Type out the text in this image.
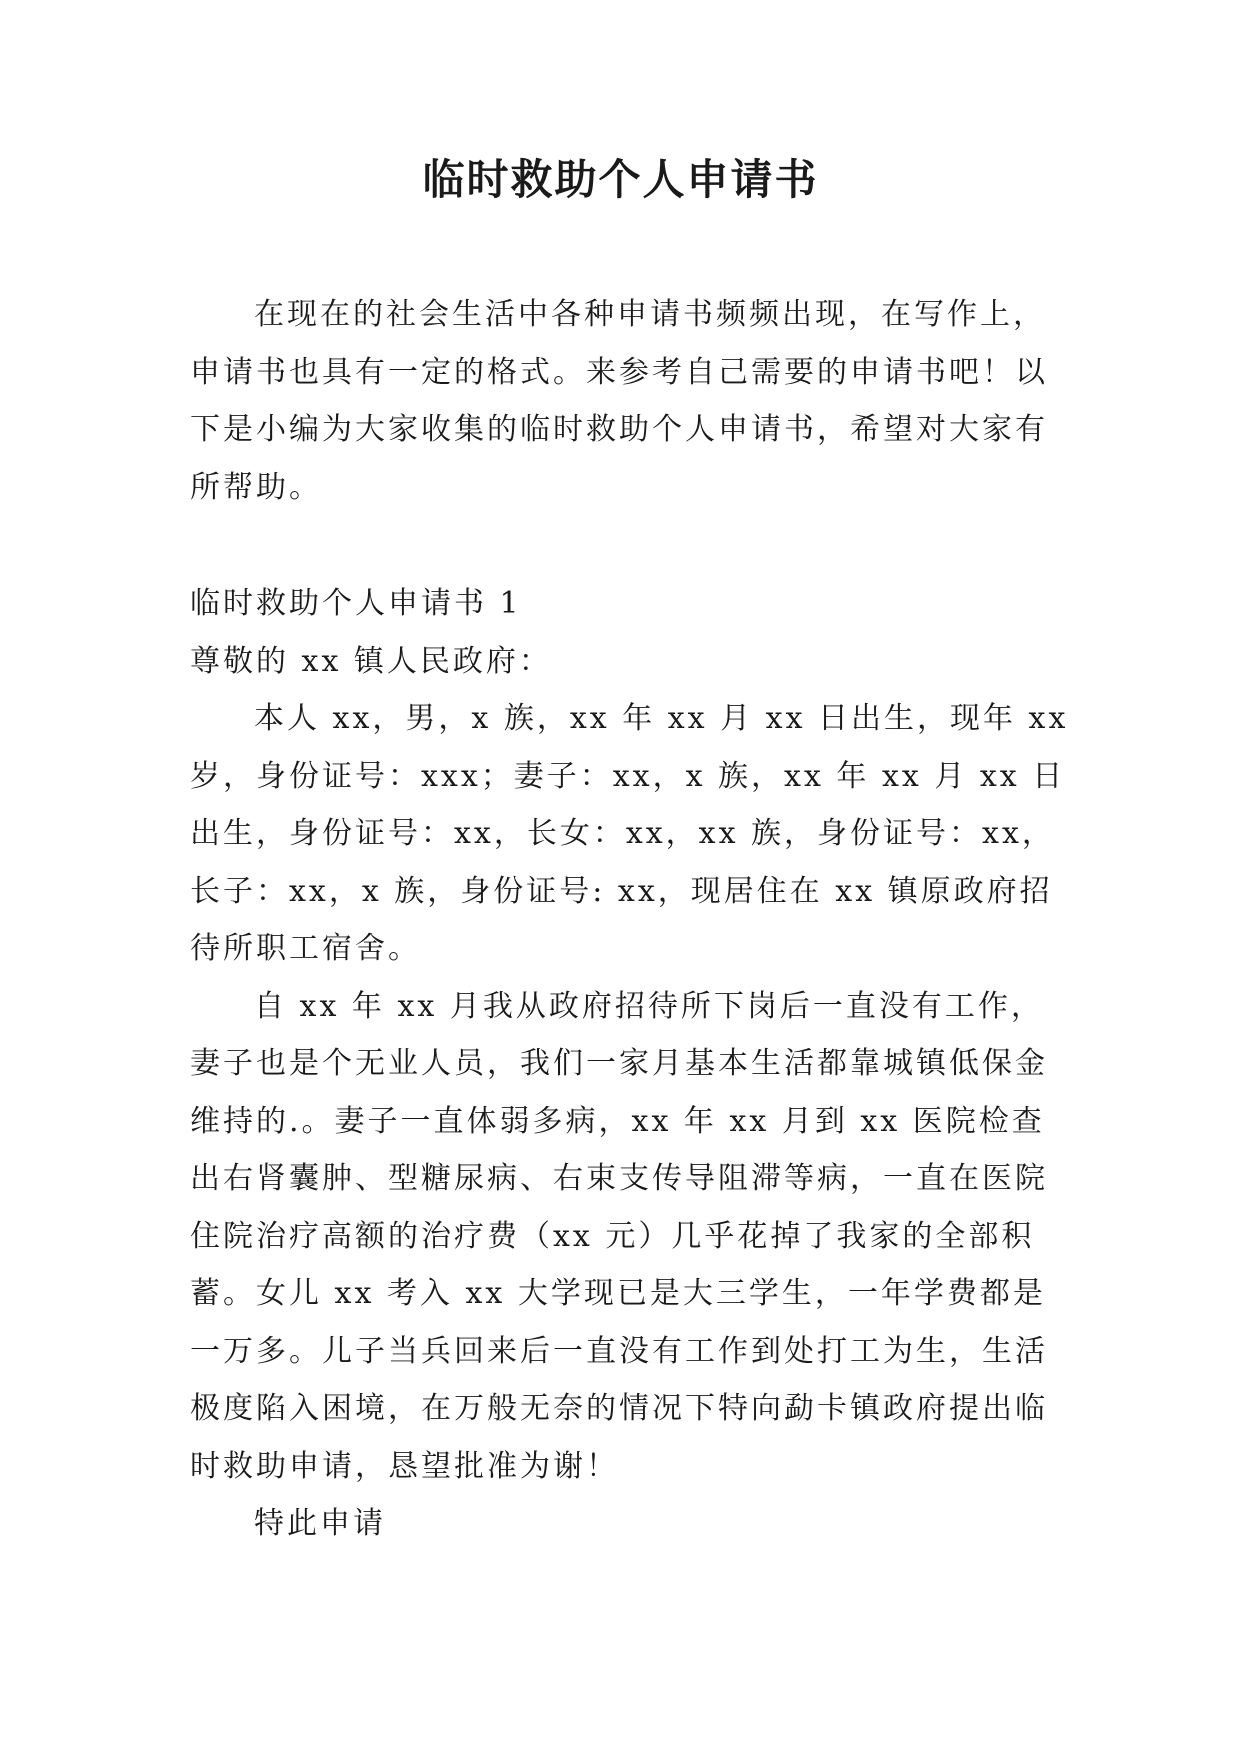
临时救助个人申请书

在现在的社会生活中各种申请书频频出现，在写作上，申请书也具有一定的格式。来参考自己需要的申请书吧！以下是小编为大家收集的临时救助个人申请书，希望对大家有所帮助。

临时救助个人申请书 1

尊敬的 xx 镇人民政府：

本人 xx，男，x 族，xx 年 xx 月 xx 日出生，现年 xx 岁，身份证号：xxx；妻子：xx，x 族，xx 年 xx 月 xx 日出生，身份证号：xx，长女：xx，xx 族，身份证号：xx，长子：xx，x 族，身份证号: xx，现居住在 xx 镇原政府招待所职工宿舍。

自 xx 年 xx 月我从政府招待所下岗后一直没有工作，妻子也是个无业人员，我们一家月基本生活都靠城镇低保金维持的.。妻子一直体弱多病，xx 年 xx 月到 xx 医院检查出右肾囊肿、型糖尿病、右束支传导阻滞等病，一直在医院住院治疗高额的治疗费（xx 元）几乎花掉了我家的全部积蓄。女儿 xx 考入 xx 大学现已是大三学生，一年学费都是一万多。儿子当兵回来后一直没有工作到处打工为生，生活极度陷入困境，在万般无奈的情况下特向勐卡镇政府提出临时救助申请，恳望批准为谢！

特此申请
